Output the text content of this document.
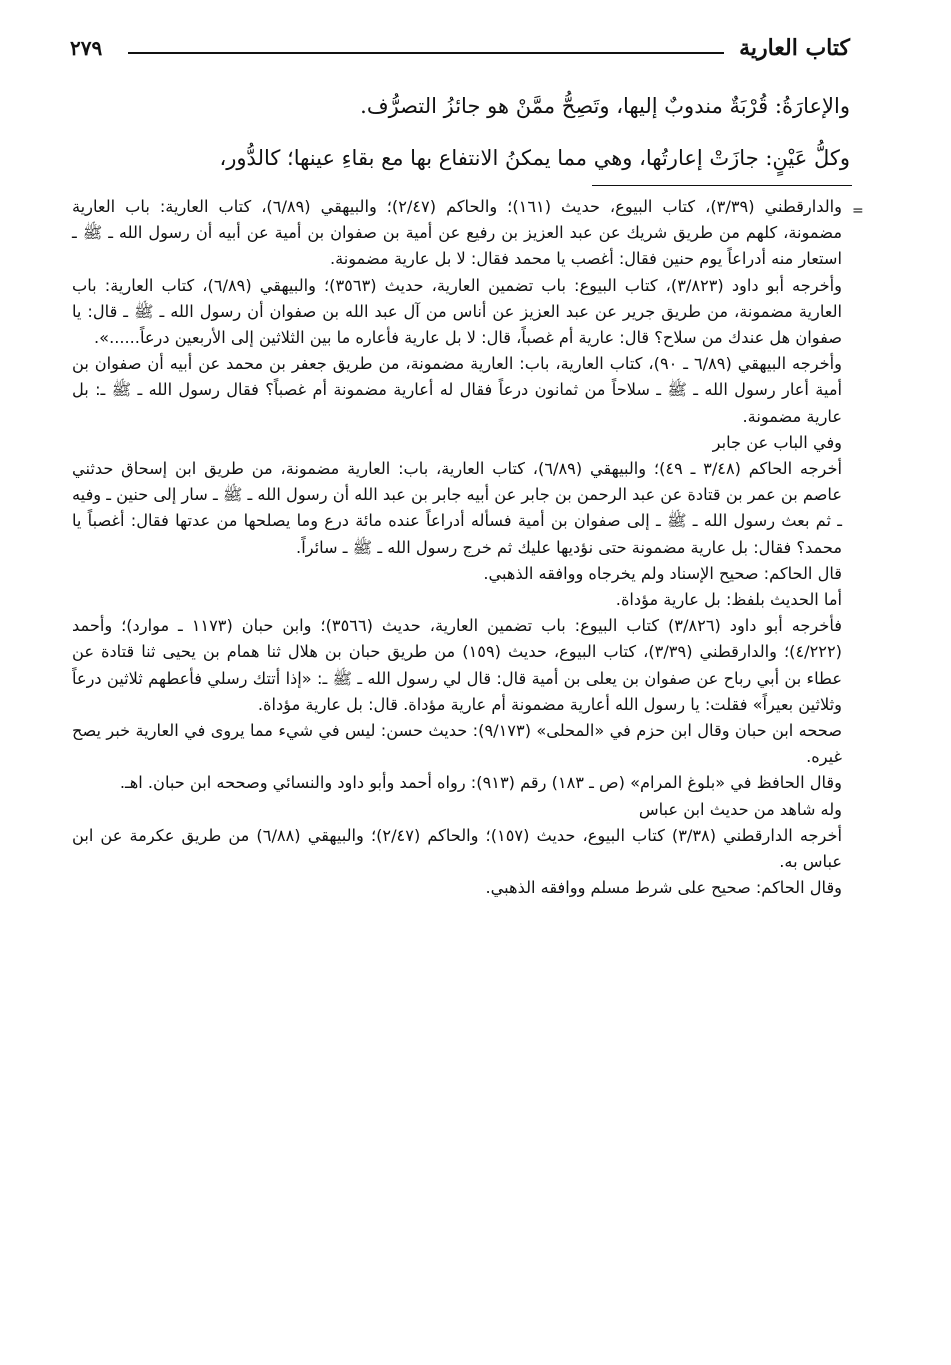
كتاب العارية
٢٧٩

والإعارَةُ: قُرْبَةٌ مندوبٌ إليها، وتَصِحُّ ممَّنْ هو جائزُ التصرُّف.

وكلُّ عَيْنٍ: جازَتْ إعارتُها، وهي مما يمكنُ الانتفاع بها مع بقاءِ عينها؛ كالدُّور،

=

والدارقطني (٣/٣٩)، كتاب البيوع، حديث (١٦١)؛ والحاكم (٢/٤٧)؛ والبيهقي (٦/٨٩)، كتاب العارية: باب العارية مضمونة، كلهم من طريق شريك عن عبد العزيز بن رفيع عن أمية بن صفوان بن أمية عن أبيه أن رسول الله ـ ﷺ ـ استعار منه أدراعاً يوم حنين فقال: أغصب يا محمد فقال: لا بل عارية مضمونة.

وأخرجه أبو داود (٣/٨٢٣)، كتاب البيوع: باب تضمين العارية، حديث (٣٥٦٣)؛ والبيهقي (٦/٨٩)، كتاب العارية: باب العارية مضمونة، من طريق جرير عن عبد العزيز عن أناس من آل عبد الله بن صفوان أن رسول الله ـ ﷺ ـ قال: يا صفوان هل عندك من سلاح؟ قال: عارية أم غصباً، قال: لا بل عارية فأعاره ما بين الثلاثين إلى الأربعين درعاً......».

وأخرجه البيهقي (٦/٨٩ ـ ٩٠)، كتاب العارية، باب: العارية مضمونة، من طريق جعفر بن محمد عن أبيه أن صفوان بن أمية أعار رسول الله ـ ﷺ ـ سلاحاً من ثمانون درعاً فقال له أعارية مضمونة أم غصباً؟ فقال رسول الله ـ ﷺ ـ: بل عارية مضمونة.

وفي الباب عن جابر

أخرجه الحاكم (٣/٤٨ ـ ٤٩)؛ والبيهقي (٦/٨٩)، كتاب العارية، باب: العارية مضمونة، من طريق ابن إسحاق حدثني عاصم بن عمر بن قتادة عن عبد الرحمن بن جابر عن أبيه جابر بن عبد الله أن رسول الله ـ ﷺ ـ سار إلى حنين ـ وفيه ـ ثم بعث رسول الله ـ ﷺ ـ إلى صفوان بن أمية فسأله أدراعاً عنده مائة درع وما يصلحها من عدتها فقال: أغصباً يا محمد؟ فقال: بل عارية مضمونة حتى نؤديها عليك ثم خرج رسول الله ـ ﷺ ـ سائراً.

قال الحاكم: صحيح الإسناد ولم يخرجاه ووافقه الذهبي.

أما الحديث بلفظ: بل عارية مؤداة.

فأخرجه أبو داود (٣/٨٢٦) كتاب البيوع: باب تضمين العارية، حديث (٣٥٦٦)؛ وابن حبان (١١٧٣ ـ موارد)؛ وأحمد (٤/٢٢٢)؛ والدارقطني (٣/٣٩)، كتاب البيوع، حديث (١٥٩) من طريق حبان بن هلال ثنا همام بن يحيى ثنا قتادة عن عطاء بن أبي رباح عن صفوان بن يعلى بن أمية قال: قال لي رسول الله ـ ﷺ ـ: «إذا أتتك رسلي فأعطهم ثلاثين درعاً وثلاثين بعيراً» فقلت: يا رسول الله أعارية مضمونة أم عارية مؤداة. قال: بل عارية مؤداة.

صححه ابن حبان وقال ابن حزم في «المحلى» (٩/١٧٣): حديث حسن: ليس في شيء مما يروى في العارية خبر يصح غيره.

وقال الحافظ في «بلوغ المرام» (ص ـ ١٨٣) رقم (٩١٣): رواه أحمد وأبو داود والنسائي وصححه ابن حبان. اهـ.

وله شاهد من حديث ابن عباس

أخرجه الدارقطني (٣/٣٨) كتاب البيوع، حديث (١٥٧)؛ والحاكم (٢/٤٧)؛ والبيهقي (٦/٨٨) من طريق عكرمة عن ابن عباس به.

وقال الحاكم: صحيح على شرط مسلم ووافقه الذهبي.
